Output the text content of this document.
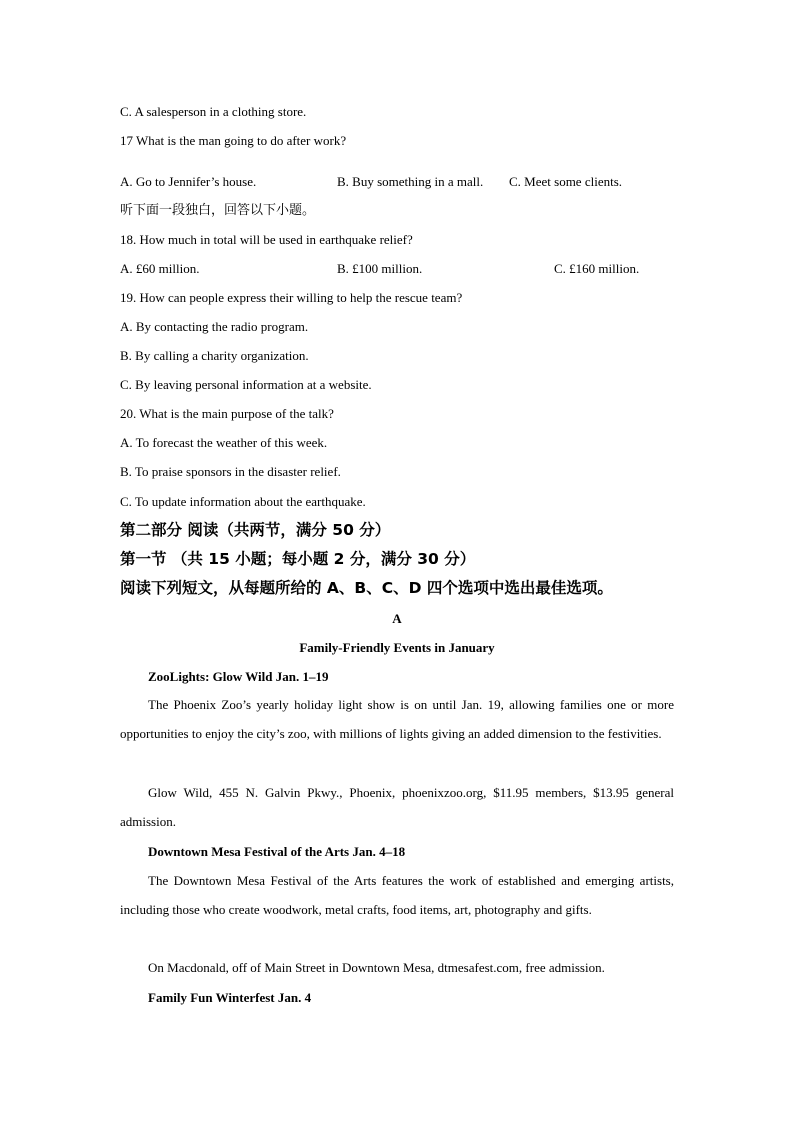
C. A salesperson in a clothing store.
17 What is the man going to do after work?
A. Go to Jennifer’s house.	B. Buy something in a mall. C. Meet some clients.
听下面一段独白，回答以下小题。
18. How much in total will be used in earthquake relief?
A. £60 million.	B. £100 million.	C. £160 million.
19. How can people express their willing to help the rescue team?
A. By contacting the radio program.
B. By calling a charity organization.
C. By leaving personal information at a website.
20. What is the main purpose of the talk?
A. To forecast the weather of this week.
B. To praise sponsors in the disaster relief.
C. To update information about the earthquake.
第二部分 阅读（共两节，满分 50 分）
第一节 （共 15 小题；每小题 2 分，满分 30 分）
阅读下列短文，从每题所给的 A、B、C、D 四个选项中选出最佳选项。
A
Family-Friendly Events in January
ZooLights: Glow Wild Jan. 1–19

The Phoenix Zoo’s yearly holiday light show is on until Jan. 19, allowing families one or more opportunities to enjoy the city’s zoo, with millions of lights giving an added dimension to the festivities.

Glow Wild, 455 N. Galvin Pkwy., Phoenix, phoenixzoo.org, $11.95 members, $13.95 general admission.

Downtown Mesa Festival of the Arts Jan. 4–18

The Downtown Mesa Festival of the Arts features the work of established and emerging artists, including those who create woodwork, metal crafts, food items, art, photography and gifts.

On Macdonald, off of Main Street in Downtown Mesa, dtmesafest.com, free admission.

Family Fun Winterfest Jan. 4
